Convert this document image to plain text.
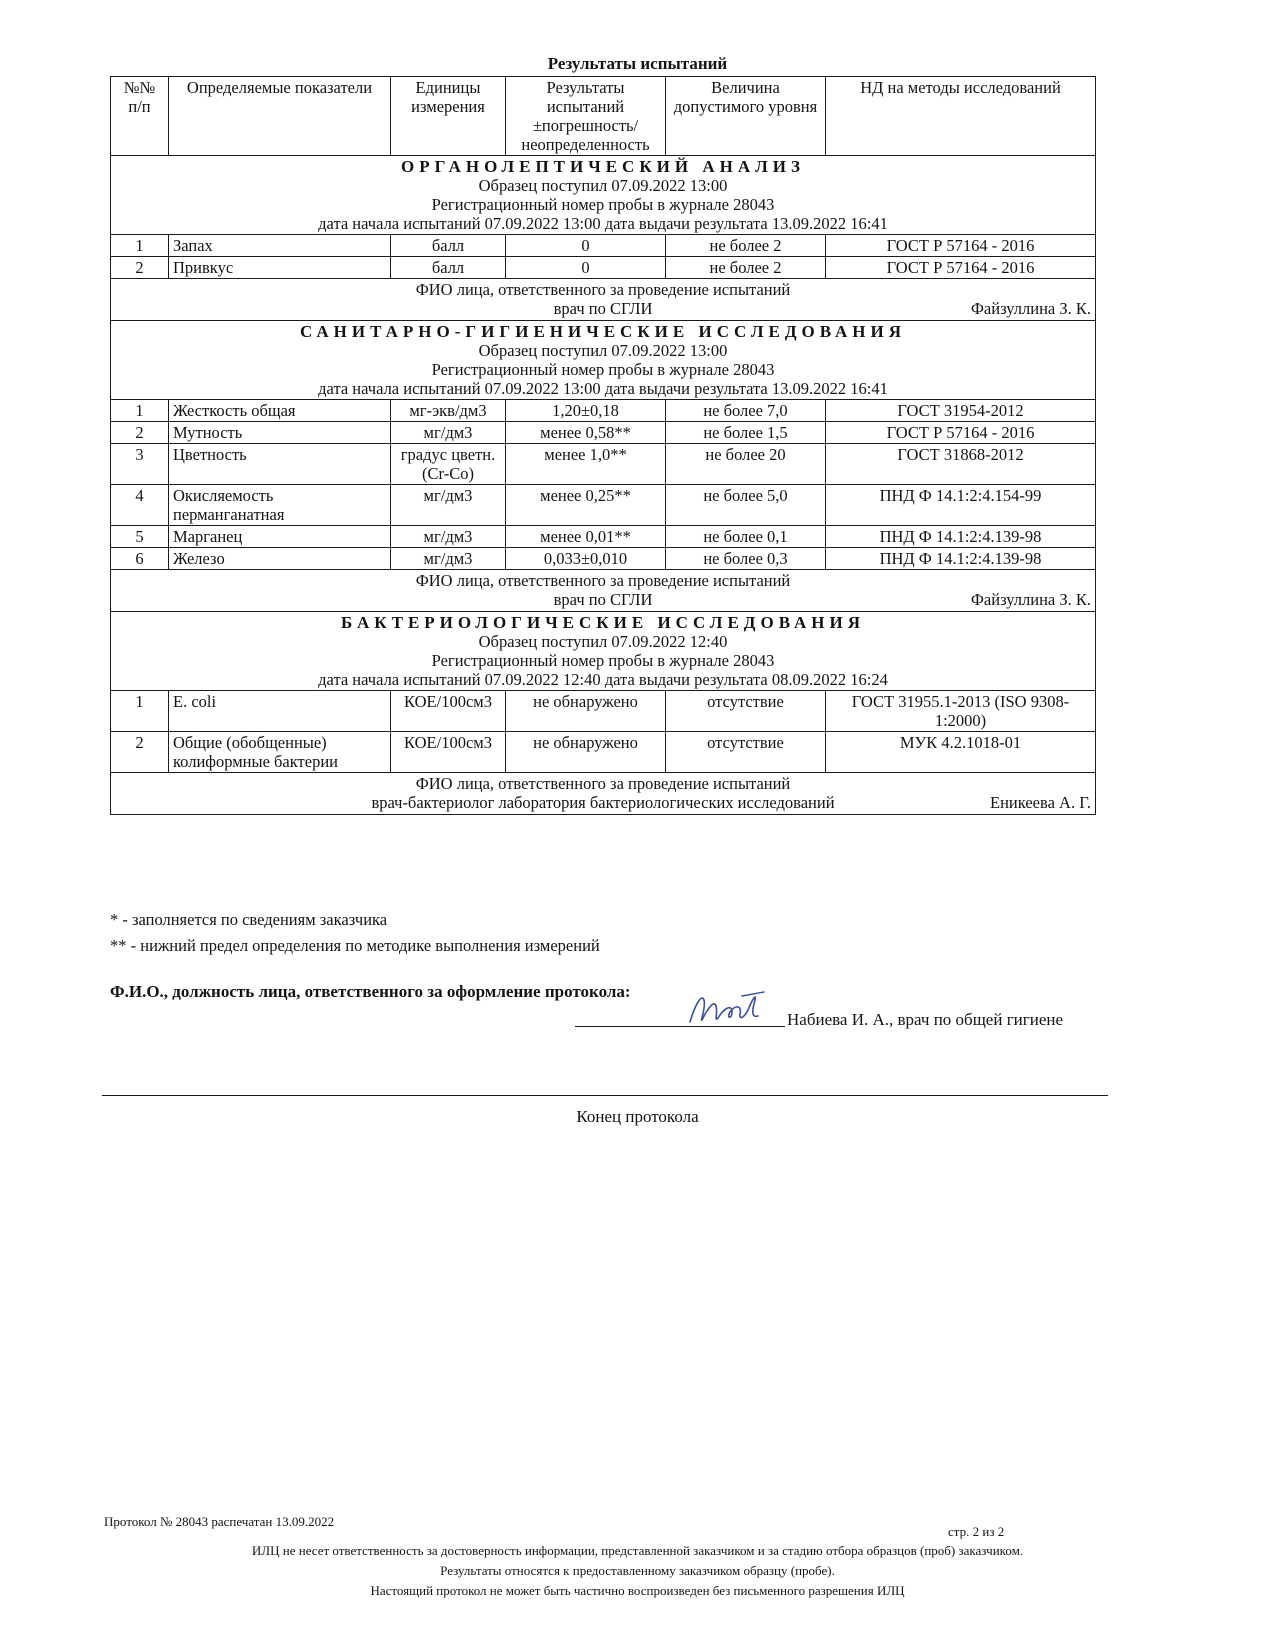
Результаты испытаний
№№ п/п	Определяемые показатели	Единицы измерения	Результаты испытаний ±погрешность/ неопределенность	Величина допустимого уровня	НД на методы исследований

ОРГАНОЛЕПТИЧЕСКИЙ АНАЛИЗ
Образец поступил 07.09.2022 13:00
Регистрационный номер пробы в журнале 28043
дата начала испытаний 07.09.2022 13:00 дата выдачи результата 13.09.2022 16:41					

1	Запах	балл	0	не более 2	ГОСТ Р 57164 - 2016
2	Привкус	балл	0	не более 2	ГОСТ Р 57164 - 2016

ФИО лица, ответственного за проведение испытаний
врач по СГЛИ Файзуллина З. К.					

САНИТАРНО-ГИГИЕНИЧЕСКИЕ ИССЛЕДОВАНИЯ
Образец поступил 07.09.2022 13:00
Регистрационный номер пробы в журнале 28043
дата начала испытаний 07.09.2022 13:00 дата выдачи результата 13.09.2022 16:41					

1	Жесткость общая	мг-экв/дм3	1,20±0,18	не более 7,0	ГОСТ 31954-2012
2	Мутность	мг/дм3	менее 0,58**	не более 1,5	ГОСТ Р 57164 - 2016
3	Цветность	градус цветн.(Cr-Co)	менее 1,0**	не более 20	ГОСТ 31868-2012
4	Окисляемость перманганатная	мг/дм3	менее 0,25**	не более 5,0	ПНД Ф 14.1:2:4.154-99
5	Марганец	мг/дм3	менее 0,01**	не более 0,1	ПНД Ф 14.1:2:4.139-98
6	Железо	мг/дм3	0,033±0,010	не более 0,3	ПНД Ф 14.1:2:4.139-98

ФИО лица, ответственного за проведение испытаний
врач по СГЛИ Файзуллина З. К.					

БАКТЕРИОЛОГИЧЕСКИЕ ИССЛЕДОВАНИЯ
Образец поступил 07.09.2022 12:40
Регистрационный номер пробы в журнале 28043
дата начала испытаний 07.09.2022 12:40 дата выдачи результата 08.09.2022 16:24					

1	E. coli	КОЕ/100см3	не обнаружено	отсутствие	ГОСТ 31955.1-2013 (ISO 9308-1:2000)
2	Общие (обобщенные) колиформные бактерии	КОЕ/100см3	не обнаружено	отсутствие	МУК 4.2.1018-01

ФИО лица, ответственного за проведение испытаний
врач-бактериолог лаборатория бактериологических исследований Еникеева А. Г.					
* - заполняется по сведениям заказчика
** - нижний предел определения по методике выполнения измерений
Ф.И.О., должность лица, ответственного за оформление протокола:
Набиева И. А., врач по общей гигиене
Конец протокола
Протокол № 28043 распечатан 13.09.2022
стр. 2 из 2
ИЛЦ не несет ответственность за достоверность информации, представленной заказчиком и за стадию отбора образцов (проб) заказчиком.
Результаты относятся к предоставленному заказчиком образцу (пробе).
Настоящий протокол не может быть частично воспроизведен без письменного разрешения ИЛЦ
